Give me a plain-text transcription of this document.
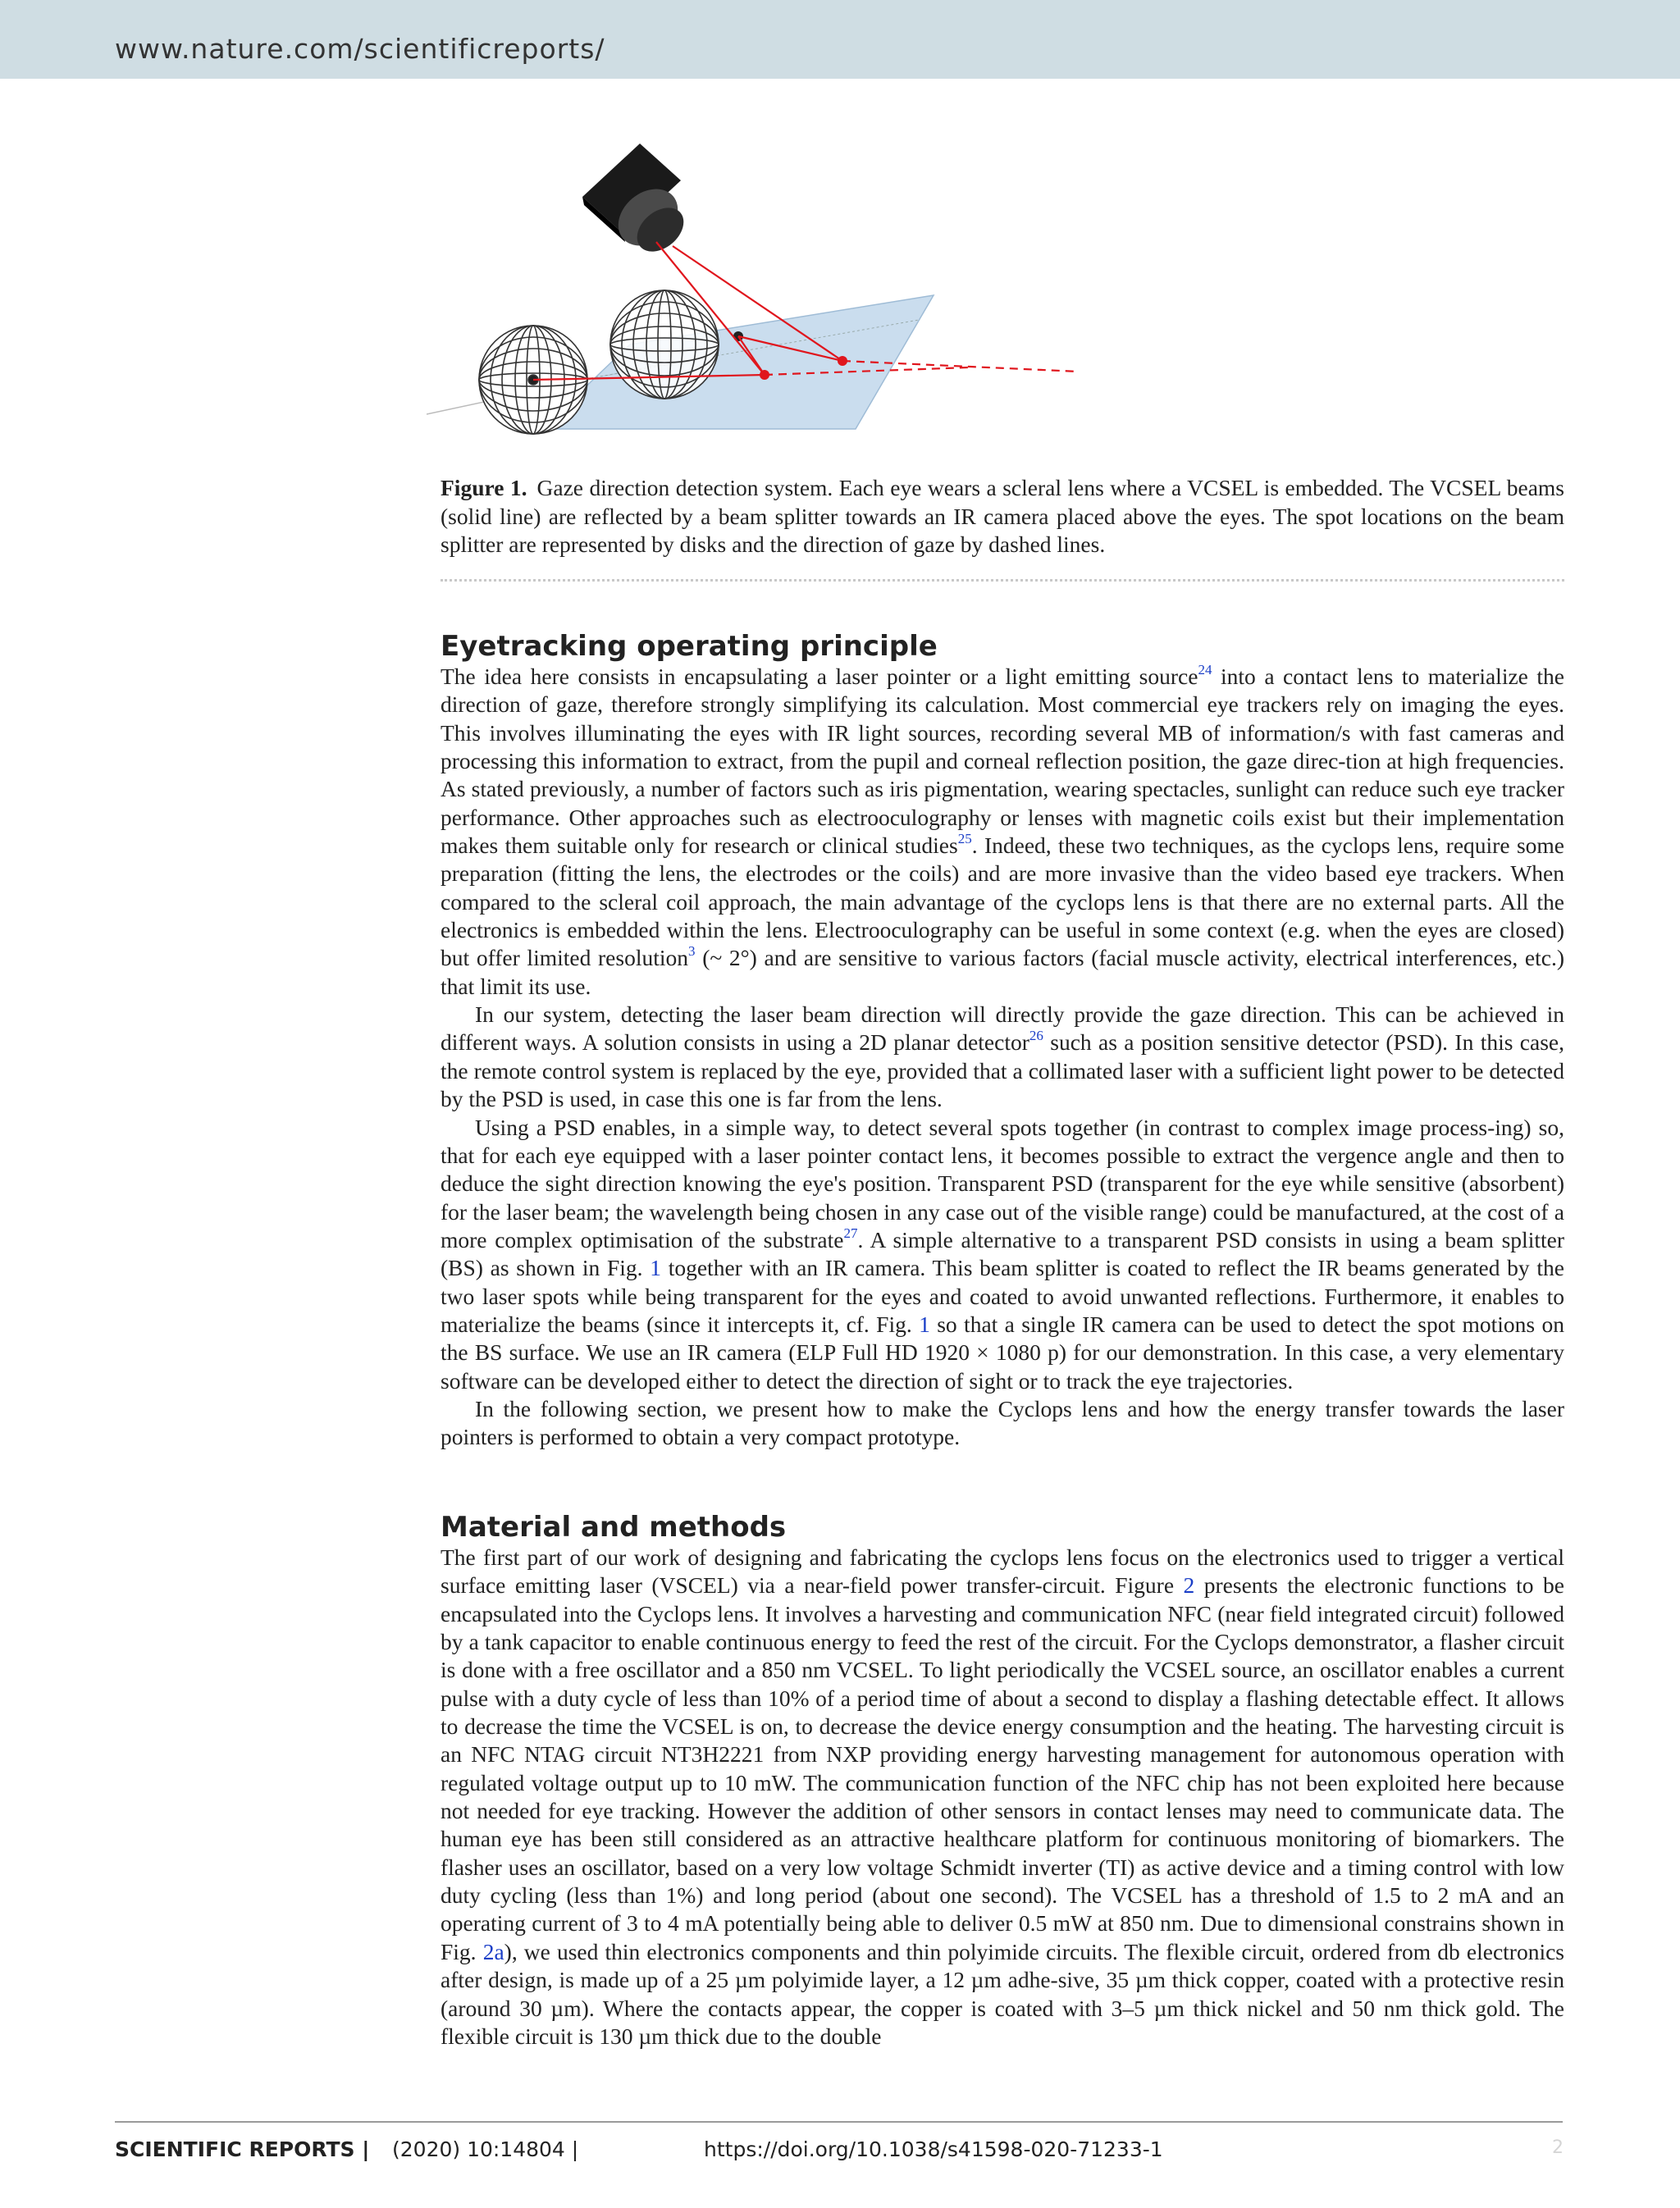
www.nature.com/scientificreports/
Figure 1. Gaze direction detection system. Each eye wears a scleral lens where a VCSEL is embedded. The VCSEL beams (solid line) are reflected by a beam splitter towards an IR camera placed above the eyes. The spot locations on the beam splitter are represented by disks and the direction of gaze by dashed lines.
Eyetracking operating principle

The idea here consists in encapsulating a laser pointer or a light emitting source$^{24}$ into a contact lens to materialize the direction of gaze, therefore strongly simplifying its calculation. Most commercial eye trackers rely on imaging the eyes. This involves illuminating the eyes with IR light sources, recording several MB of information/s with fast cameras and processing this information to extract, from the pupil and corneal reflection position, the gaze direc-tion at high frequencies. As stated previously, a number of factors such as iris pigmentation, wearing spectacles, sunlight can reduce such eye tracker performance. Other approaches such as electrooculography or lenses with magnetic coils exist but their implementation makes them suitable only for research or clinical studies$^{25}$. Indeed, these two techniques, as the cyclops lens, require some preparation (fitting the lens, the electrodes or the coils) and are more invasive than the video based eye trackers. When compared to the scleral coil approach, the main advantage of the cyclops lens is that there are no external parts. All the electronics is embedded within the lens. Electrooculography can be useful in some context (e.g. when the eyes are closed) but offer limited resolution$^3$ (~ 2°) and are sensitive to various factors (facial muscle activity, electrical interferences, etc.) that limit its use.

In our system, detecting the laser beam direction will directly provide the gaze direction. This can be achieved in different ways. A solution consists in using a 2D planar detector$^{26}$ such as a position sensitive detector (PSD). In this case, the remote control system is replaced by the eye, provided that a collimated laser with a sufficient light power to be detected by the PSD is used, in case this one is far from the lens.

Using a PSD enables, in a simple way, to detect several spots together (in contrast to complex image process-ing) so, that for each eye equipped with a laser pointer contact lens, it becomes possible to extract the vergence angle and then to deduce the sight direction knowing the eye's position. Transparent PSD (transparent for the eye while sensitive (absorbent) for the laser beam; the wavelength being chosen in any case out of the visible range) could be manufactured, at the cost of a more complex optimisation of the substrate$^{27}$. A simple alternative to a transparent PSD consists in using a beam splitter (BS) as shown in Fig. 1 together with an IR camera. This beam splitter is coated to reflect the IR beams generated by the two laser spots while being transparent for the eyes and coated to avoid unwanted reflections. Furthermore, it enables to materialize the beams (since it intercepts it, cf. Fig. 1 so that a single IR camera can be used to detect the spot motions on the BS surface. We use an IR camera (ELP Full HD 1920 × 1080 p) for our demonstration. In this case, a very elementary software can be developed either to detect the direction of sight or to track the eye trajectories.

In the following section, we present how to make the Cyclops lens and how the energy transfer towards the laser pointers is performed to obtain a very compact prototype.

Material and methods

The first part of our work of designing and fabricating the cyclops lens focus on the electronics used to trigger a vertical surface emitting laser (VSCEL) via a near-field power transfer-circuit. Figure 2 presents the electronic functions to be encapsulated into the Cyclops lens. It involves a harvesting and communication NFC (near field integrated circuit) followed by a tank capacitor to enable continuous energy to feed the rest of the circuit. For the Cyclops demonstrator, a flasher circuit is done with a free oscillator and a 850 nm VCSEL. To light periodically the VCSEL source, an oscillator enables a current pulse with a duty cycle of less than 10% of a period time of about a second to display a flashing detectable effect. It allows to decrease the time the VCSEL is on, to decrease the device energy consumption and the heating. The harvesting circuit is an NFC NTAG circuit NT3H2221 from NXP providing energy harvesting management for autonomous operation with regulated voltage output up to 10 mW. The communication function of the NFC chip has not been exploited here because not needed for eye tracking. However the addition of other sensors in contact lenses may need to communicate data. The human eye has been still considered as an attractive healthcare platform for continuous monitoring of biomarkers. The flasher uses an oscillator, based on a very low voltage Schmidt inverter (TI) as active device and a timing control with low duty cycling (less than 1%) and long period (about one second). The VCSEL has a threshold of 1.5 to 2 mA and an operating current of 3 to 4 mA potentially being able to deliver 0.5 mW at 850 nm. Due to dimensional constrains shown in Fig. 2a), we used thin electronics components and thin polyimide circuits. The flexible circuit, ordered from db electronics after design, is made up of a 25 µm polyimide layer, a 12 µm adhe-sive, 35 µm thick copper, coated with a protective resin (around 30 µm). Where the contacts appear, the copper is coated with 3–5 µm thick nickel and 50 nm thick gold. The flexible circuit is 130 µm thick due to the double

SCIENTIFIC REPORTS | (2020) 10:14804 |	https://doi.org/10.1038/s41598-020-71233-1	2
